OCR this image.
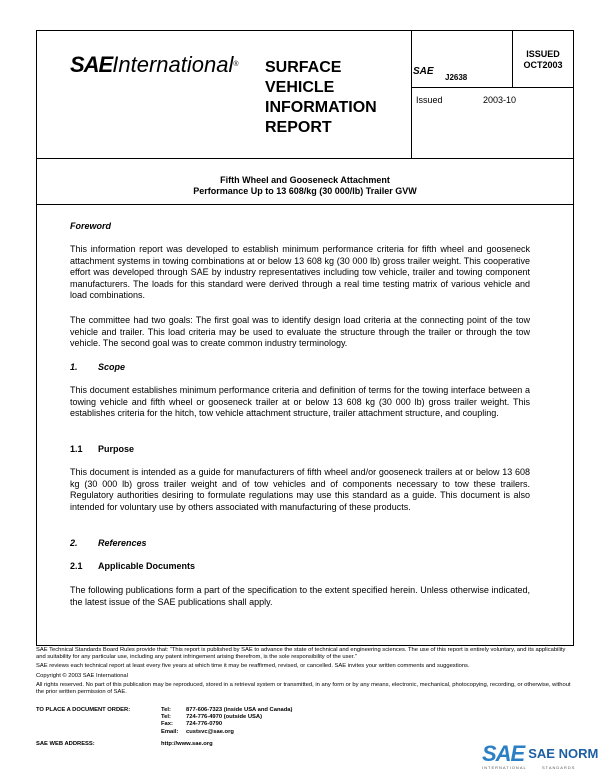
SAEInternational® SURFACE
VEHICLE
INFORMATION
REPORT
SAE
J2638
ISSUED
OCT2003
Issued	2003-10
Fifth Wheel and Gooseneck Attachment
Performance Up to 13 608/kg (30 000/lb) Trailer GVW
Foreword

This information report was developed to establish minimum performance criteria for fifth wheel and gooseneck attachment systems in towing combinations at or below 13 608 kg (30 000 lb) gross trailer weight. This cooperative effort was developed through SAE by industry representatives including tow vehicle, trailer and towing component manufacturers. The loads for this standard were derived through a real time testing matrix of various vehicle and load combinations.

The committee had two goals: The first goal was to identify design load criteria at the connecting point of the tow vehicle and trailer. This load criteria may be used to evaluate the structure through the trailer or through the tow vehicle. The second goal was to create common industry terminology.

1. Scope

This document establishes minimum performance criteria and definition of terms for the towing interface between a towing vehicle and fifth wheel or gooseneck trailer at or below 13 608 kg (30 000 lb) gross trailer weight. This establishes criteria for the hitch, tow vehicle attachment structure, trailer attachment structure, and coupling.

1.1 Purpose

This document is intended as a guide for manufacturers of fifth wheel and/or gooseneck trailers at or below 13 608 kg (30 000 lb) gross trailer weight and of tow vehicles and of components necessary to tow these trailers. Regulatory authorities desiring to formulate regulations may use this standard as a guide. This document is also intended for voluntary use by others associated with manufacturing of these products.

2. References
2.1 Applicable Documents

The following publications form a part of the specification to the extent specified herein. Unless otherwise indicated, the latest issue of the SAE publications shall apply.

SAE Technical Standards Board Rules provide that: “This report is published by SAE to advance the state of technical and engineering sciences. The use of this report is entirely voluntary, and its applicability and suitability for any particular use, including any patent infringement arising therefrom, is the sole responsibility of the user.”

SAE reviews each technical report at least every five years at which time it may be reaffirmed, revised, or cancelled. SAE invites your written comments and suggestions.

Copyright © 2003 SAE International

All rights reserved. No part of this publication may be reproduced, stored in a retrieval system or transmitted, in any form or by any means, electronic, mechanical, photocopying, recording, or otherwise, without the prior written permission of SAE.

TO PLACE A DOCUMENT ORDER:	Tel:	877-606-7323 (inside USA and Canada)
Tel:	724-776-4970 (outside USA)
Fax:	724-776-0790
Email:	custsvc@sae.org
SAE WEB ADDRESS:	http://www.sae.org	SAE SAE NORM
INTERNATIONAL	STANDARDS
